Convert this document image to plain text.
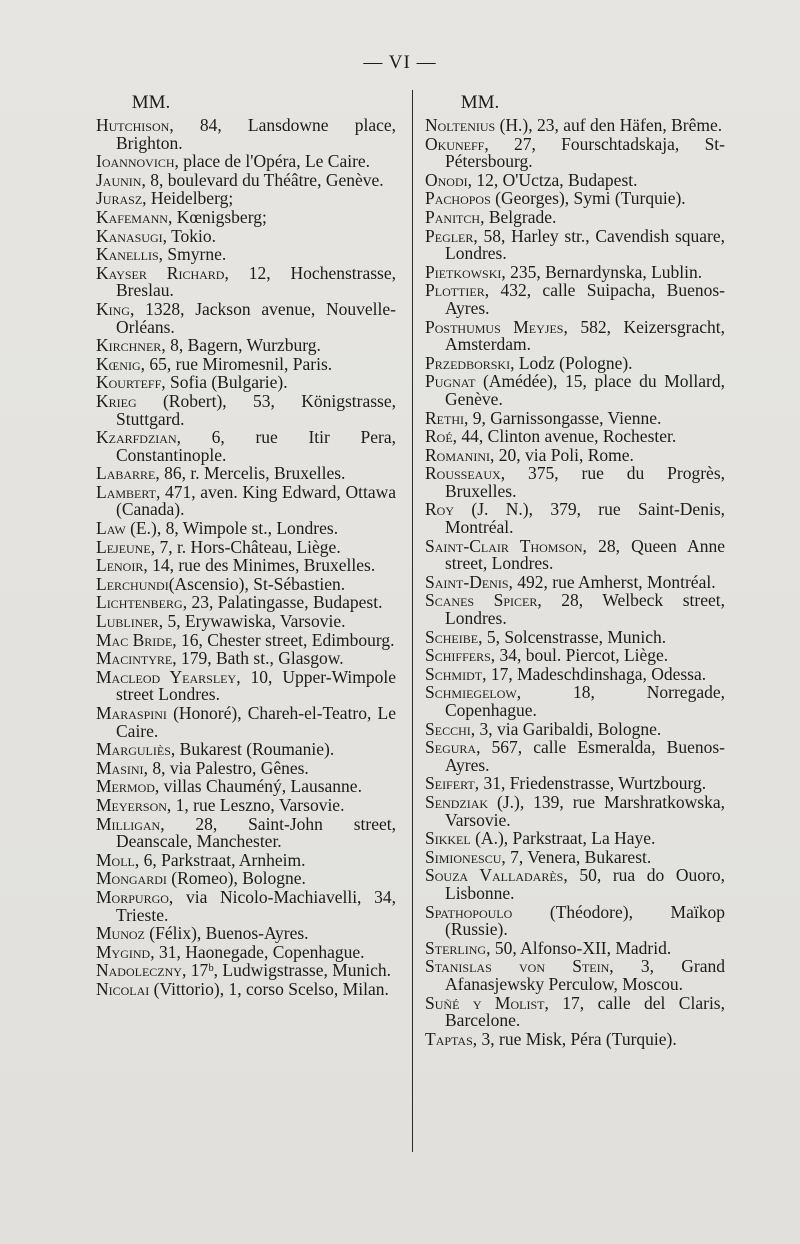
— VI —
MM.

Hutchison, 84, Lansdowne place, Brighton.

Ioannovich, place de l'Opéra, Le Caire.

Jaunin, 8, boulevard du Théâtre, Genève.

Jurasz, Heidelberg;

Kafemann, Kœnigsberg;

Kanasugi, Tokio.

Kanellis, Smyrne.

Kayser Richard, 12, Hochenstrasse, Breslau.

King, 1328, Jackson avenue, Nouvelle-Orléans.

Kirchner, 8, Bagern, Wurzburg.

Kœnig, 65, rue Miromesnil, Paris.

Kourteff, Sofia (Bulgarie).

Krieg (Robert), 53, Königstrasse, Stuttgard.

Kzarfdzian, 6, rue Itir Pera, Constantinople.

Labarre, 86, r. Mercelis, Bruxelles.

Lambert, 471, aven. King Edward, Ottawa (Canada).

Law (E.), 8, Wimpole st., Londres.

Lejeune, 7, r. Hors-Château, Liège.

Lenoir, 14, rue des Minimes, Bruxelles.

Lerchundi(Ascensio), St-Sébastien.

Lichtenberg, 23, Palatingasse, Budapest.

Lubliner, 5, Erywawiska, Varsovie.

Mac Bride, 16, Chester street, Edimbourg.

Macintyre, 179, Bath st., Glasgow.

Macleod Yearsley, 10, Upper-Wimpole street Londres.

Maraspini (Honoré), Chareh-el-Teatro, Le Caire.

Marguliès, Bukarest (Roumanie).

Masini, 8, via Palestro, Gênes.

Mermod, villas Chauméný, Lausanne.

Meyerson, 1, rue Leszno, Varsovie.

Milligan, 28, Saint-John street, Deanscale, Manchester.

Moll, 6, Parkstraat, Arnheim.

Mongardi (Romeo), Bologne.

Morpurgo, via Nicolo-Machiavelli, 34, Trieste.

Munoz (Félix), Buenos-Ayres.

Mygind, 31, Haonegade, Copenhague.

Nadoleczny, 17ᵇ, Ludwigstrasse, Munich.

Nicolai (Vittorio), 1, corso Scelso, Milan.

MM.

Noltenius (H.), 23, auf den Häfen, Brême.

Okuneff, 27, Fourschtadskaja, St-Pétersbourg.

Onodi, 12, O'Uctza, Budapest.

Pachopos (Georges), Symi (Turquie).

Panitch, Belgrade.

Pegler, 58, Harley str., Cavendish square, Londres.

Pietkowski, 235, Bernardynska, Lublin.

Plottier, 432, calle Suipacha, Buenos-Ayres.

Posthumus Meyjes, 582, Keizersgracht, Amsterdam.

Przedborski, Lodz (Pologne).

Pugnat (Amédée), 15, place du Mollard, Genève.

Rethi, 9, Garnissongasse, Vienne.

Roé, 44, Clinton avenue, Rochester.

Romanini, 20, via Poli, Rome.

Rousseaux, 375, rue du Progrès, Bruxelles.

Roy (J. N.), 379, rue Saint-Denis, Montréal.

Saint-Clair Thomson, 28, Queen Anne street, Londres.

Saint-Denis, 492, rue Amherst, Montréal.

Scanes Spicer, 28, Welbeck street, Londres.

Scheibe, 5, Solcenstrasse, Munich.

Schiffers, 34, boul. Piercot, Liège.

Schmidt, 17, Madeschdinshaga, Odessa.

Schmiegelow, 18, Norregade, Copenhague.

Secchi, 3, via Garibaldi, Bologne.

Segura, 567, calle Esmeralda, Buenos-Ayres.

Seifert, 31, Friedenstrasse, Wurtzbourg.

Sendziak (J.), 139, rue Marshratkowska, Varsovie.

Sikkel (A.), Parkstraat, La Haye.

Simionescu, 7, Venera, Bukarest.

Souza Valladarès, 50, rua do Ouoro, Lisbonne.

Spathopoulo (Théodore), Maïkop (Russie).

Sterling, 50, Alfonso-XII, Madrid.

Stanislas von Stein, 3, Grand Afanasjewsky Perculow, Moscou.

Suñé y Molist, 17, calle del Claris, Barcelone.

Taptas, 3, rue Misk, Péra (Turquie).
